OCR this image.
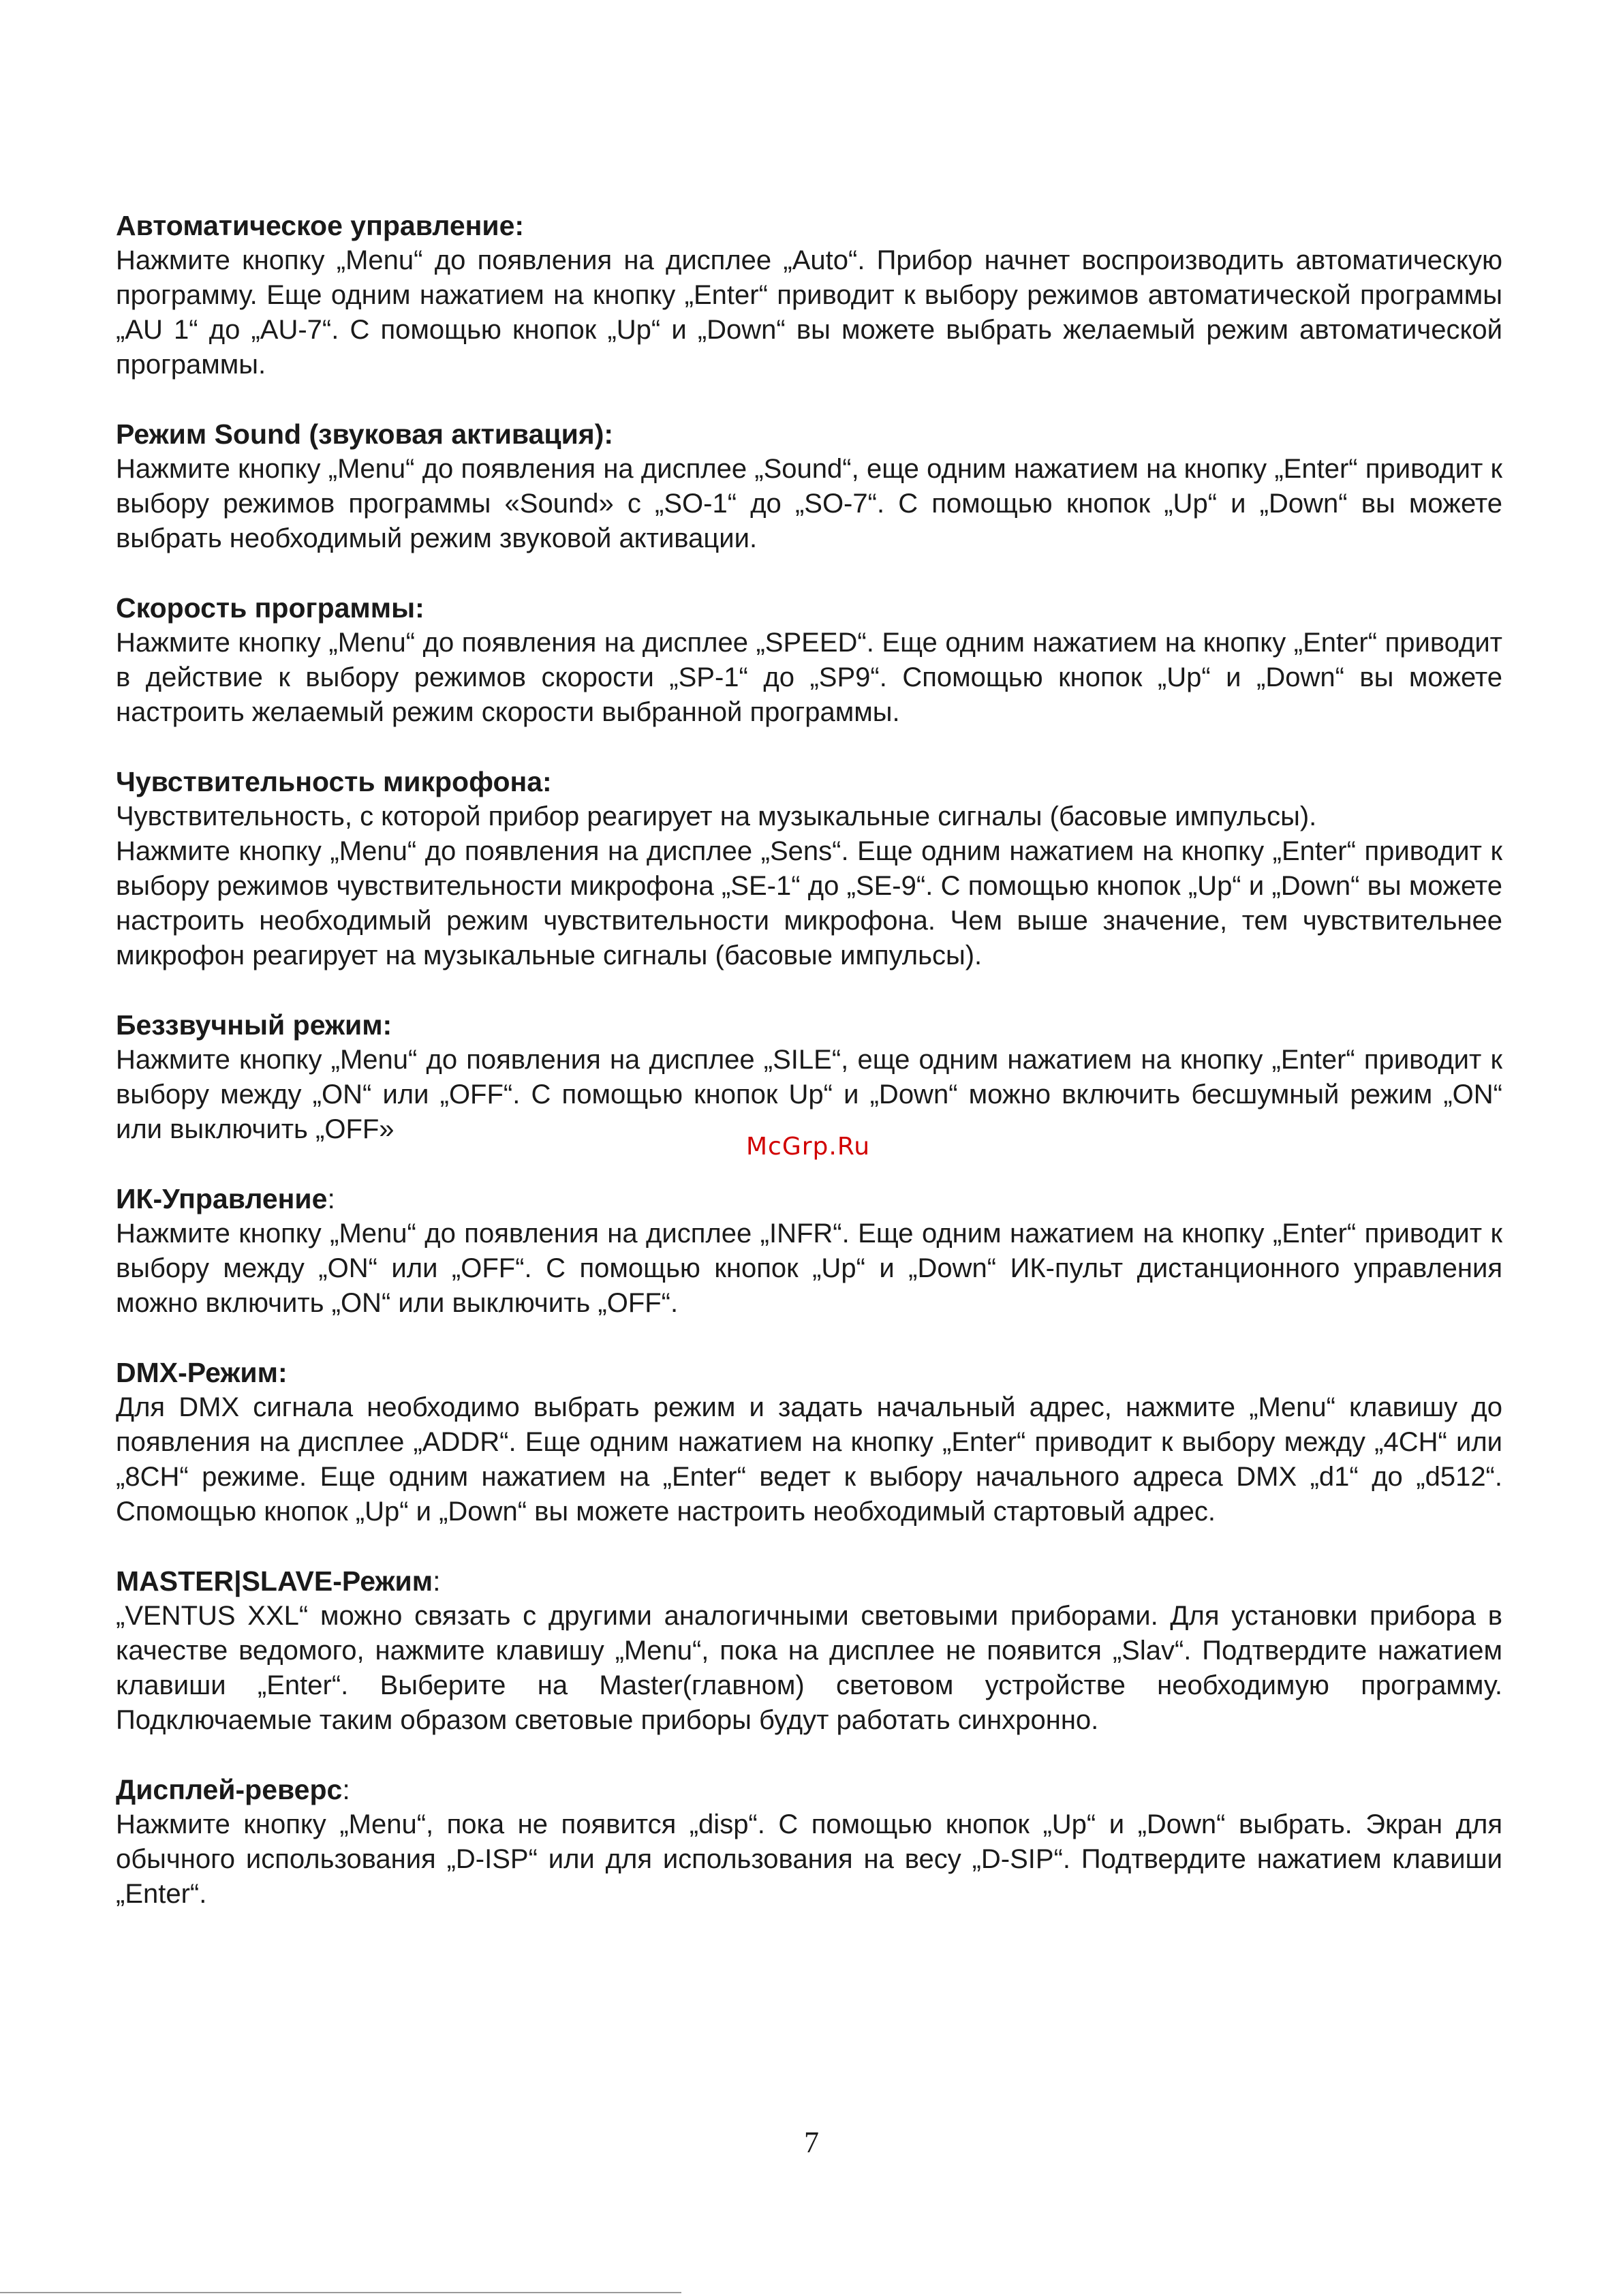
Автоматическое управление:

Нажмите кнопку „Menu“ до появления на дисплее „Auto“. Прибор начнет воспроизводить автоматическую программу. Еще одним нажатием на кнопку „Enter“ приводит к выбору режимов автоматической программы „AU 1“ до „AU-7“. С помощью кнопок „Up“ и „Down“ вы можете выбрать желаемый режим автоматической программы.

Режим Sound (звуковая активация):

Нажмите кнопку „Menu“ до появления на дисплее „Sound“, еще одним нажатием на кнопку „Enter“ приводит к выбору режимов программы «Sound» с „SO-1“ до „SO-7“. С помощью кнопок „Up“ и „Down“ вы можете выбрать необходимый режим звуковой активации.

Скорость программы:

Нажмите кнопку „Menu“ до появления на дисплее „SPEED“. Еще одним нажатием на кнопку „Enter“ приводит в действие к выбору режимов скорости „SP-1“ до „SP9“. Спомощью кнопок „Up“ и „Down“ вы можете настроить желаемый режим скорости выбранной программы.

Чувствительность микрофона:

Чувствительность, с которой прибор реагирует на музыкальные сигналы (басовые импульсы).

Нажмите кнопку „Menu“ до появления на дисплее „Sens“. Еще одним нажатием на кнопку „Enter“ приводит к выбору режимов чувствительности микрофона „SE-1“ до „SE-9“. С помощью кнопок „Up“ и „Down“ вы можете настроить необходимый режим чувствительности микрофона. Чем выше значение, тем чувствительнее микрофон реагирует на музыкальные сигналы (басовые импульсы).

Беззвучный режим:

Нажмите кнопку „Menu“ до появления на дисплее „SILE“, еще одним нажатием на кнопку „Enter“ приводит к выбору между „ON“ или „OFF“. С помощью кнопок Up“ и „Down“ можно включить бесшумный режим „ON“ или выключить „OFF»

ИК-Управление:

Нажмите кнопку „Menu“ до появления на дисплее „INFR“. Еще одним нажатием на кнопку „Enter“ приводит к выбору между „ON“ или „OFF“. С помощью кнопок „Up“ и „Down“ ИК-пульт дистанционного управления можно включить „ON“ или выключить „OFF“.

DMX-Режим:

Для DMX сигнала необходимо выбрать режим и задать начальный адрес, нажмите „Menu“ клавишу до появления на дисплее „ADDR“. Еще одним нажатием на кнопку „Enter“ приводит к выбору между „4CH“ или „8CH“ режиме. Еще одним нажатием на „Enter“ ведет к выбору начального адреса DMX „d1“ до „d512“. Спомощью кнопок „Up“ и „Down“ вы можете настроить необходимый стартовый адрес.

MASTER|SLAVE-Режим:

„VENTUS XXL“ можно связать с другими аналогичными световыми приборами. Для установки прибора в качестве ведомого, нажмите клавишу „Menu“, пока на дисплее не появится „Slav“. Подтвердите нажатием клавиши „Enter“. Выберите на Master(главном) световом устройстве необходимую программу. Подключаемые таким образом световые приборы будут работать синхронно.

Дисплей-реверс:

Нажмите кнопку „Menu“, пока не появится „disp“. С помощью кнопок „Up“ и „Down“ выбрать. Экран для обычного использования „D-ISP“ или для использования на весу „D-SIP“. Подтвердите нажатием клавиши „Enter“.

McGrp.Ru
7
